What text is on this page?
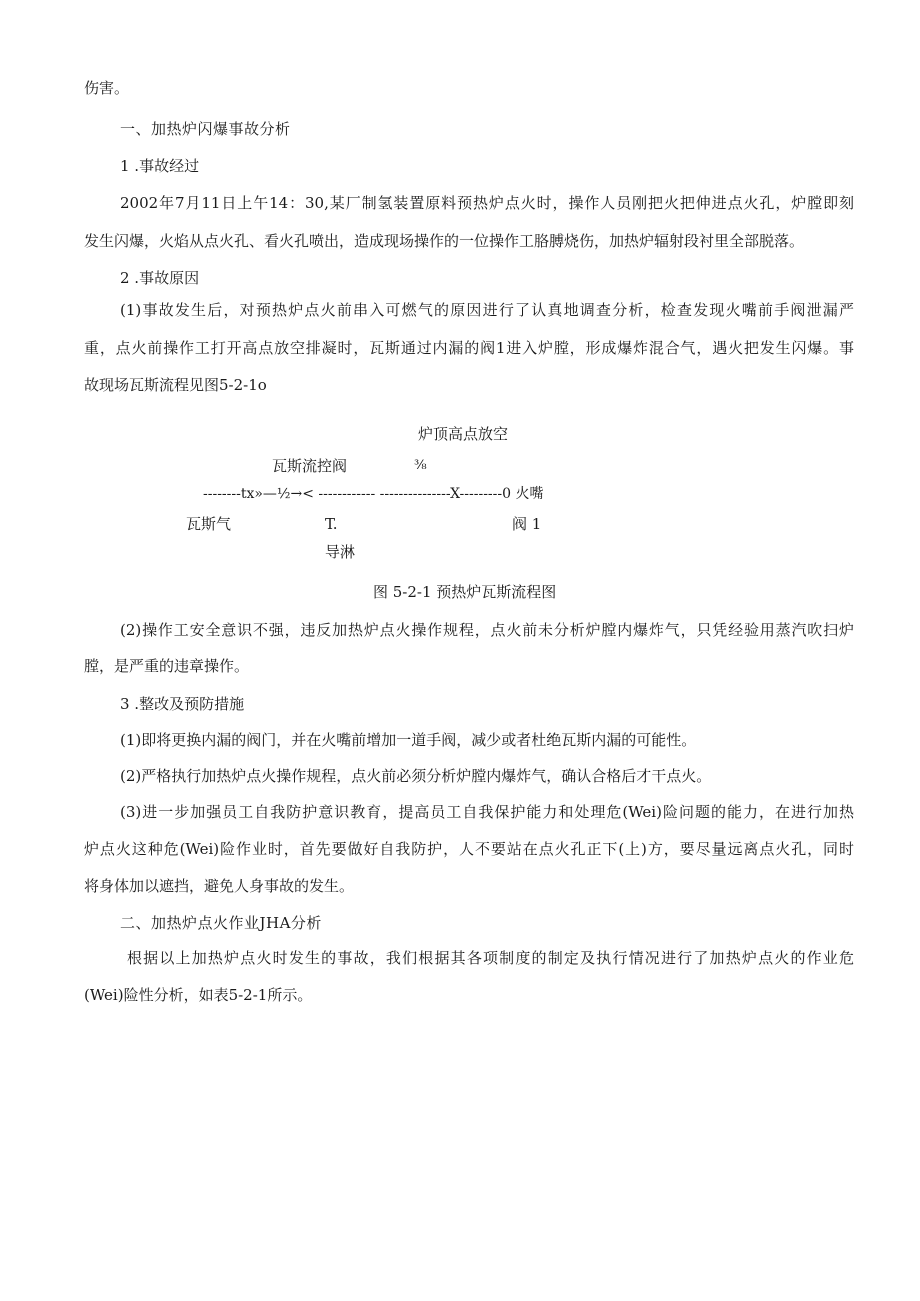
伤害。
一、加热炉闪爆事故分析
1 .事故经过
2002年7月11日上午14：30,某厂制氢装置原料预热炉点火时，操作人员刚把火把伸进点火孔，炉膛即刻
发生闪爆，火焰从点火孔、看火孔喷出，造成现场操作的一位操作工胳膊烧伤，加热炉辐射段衬里全部脱落。
2 .事故原因
(1)事故发生后，对预热炉点火前串入可燃气的原因进行了认真地调查分析，检查发现火嘴前手阀泄漏严
重，点火前操作工打开高点放空排凝时，瓦斯通过内漏的阀1进入炉膛，形成爆炸混合气，遇火把发生闪爆。事
故现场瓦斯流程见图5-2-1o
炉顶高点放空
瓦斯流控阀	⅜
--------tx»—½→< ------------ ---------------X---------0 火嘴
瓦斯气	T.	阀 1
导淋
图 5-2-1 预热炉瓦斯流程图
(2)操作工安全意识不强，违反加热炉点火操作规程，点火前未分析炉膛内爆炸气，只凭经验用蒸汽吹扫炉
膛，是严重的违章操作。
3 .整改及预防措施
(1)即将更换内漏的阀门，并在火嘴前增加一道手阀，减少或者杜绝瓦斯内漏的可能性。
(2)严格执行加热炉点火操作规程，点火前必须分析炉膛内爆炸气，确认合格后才干点火。
(3)进一步加强员工自我防护意识教育，提高员工自我保护能力和处理危(Wei)险问题的能力，在进行加热
炉点火这种危(Wei)险作业时，首先要做好自我防护，人不要站在点火孔正下(上)方，要尽量远离点火孔，同时
将身体加以遮挡，避免人身事故的发生。
二、加热炉点火作业JHA分析
根据以上加热炉点火时发生的事故，我们根据其各项制度的制定及执行情况进行了加热炉点火的作业危
(Wei)险性分析，如表5-2-1所示。
